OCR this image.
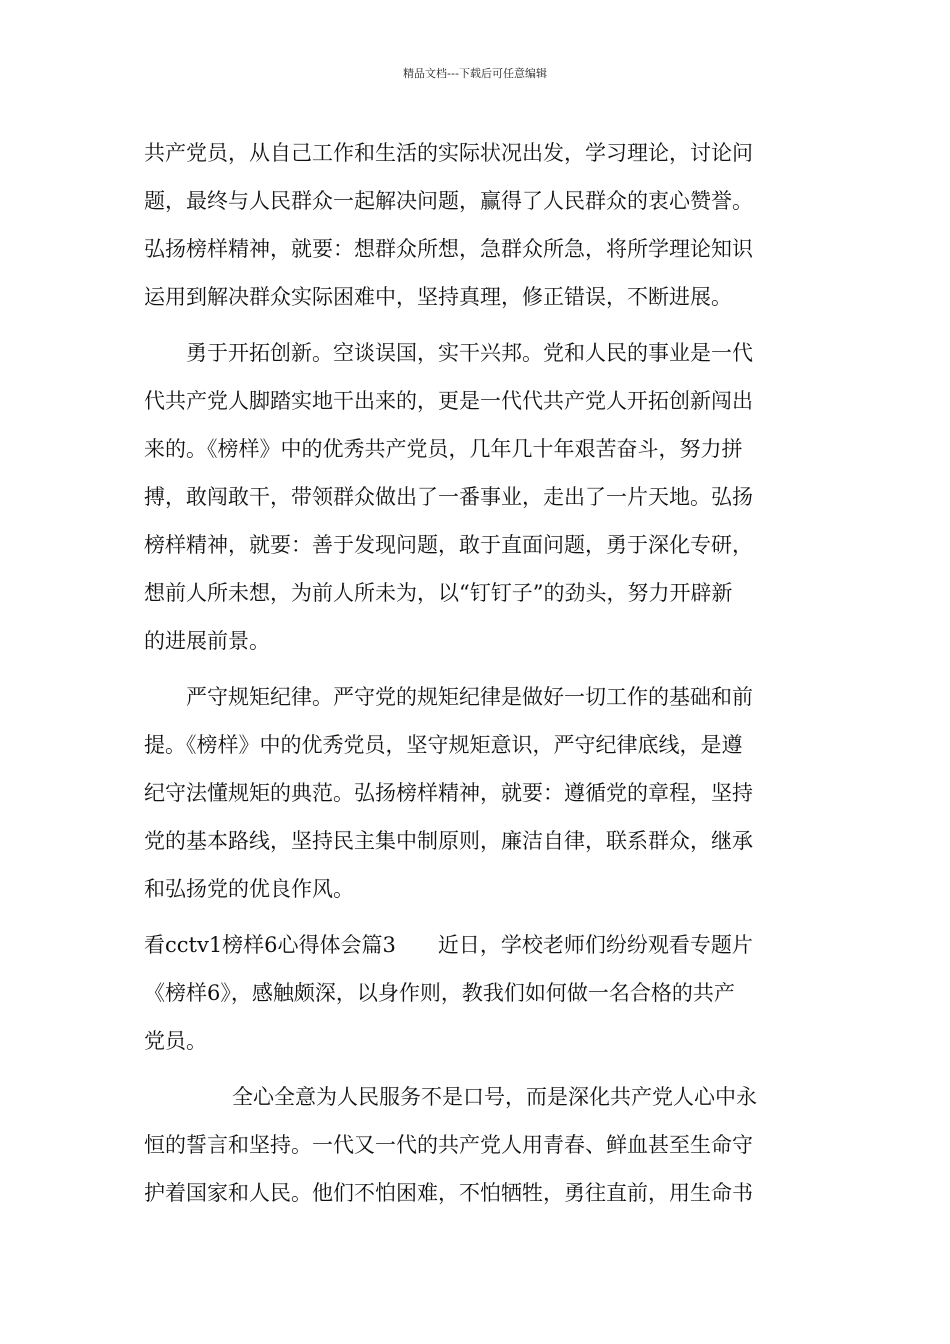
精品文档---下载后可任意编辑
共产党员，从自己工作和生活的实际状况出发，学习理论，讨论问
题，最终与人民群众一起解决问题，赢得了人民群众的衷心赞誉。
弘扬榜样精神，就要：想群众所想，急群众所急，将所学理论知识
运用到解决群众实际困难中，坚持真理，修正错误，不断进展。
勇于开拓创新。空谈误国，实干兴邦。党和人民的事业是一代
代共产党人脚踏实地干出来的，更是一代代共产党人开拓创新闯出
来的。《榜样》中的优秀共产党员，几年几十年艰苦奋斗，努力拼
搏，敢闯敢干，带领群众做出了一番事业，走出了一片天地。弘扬
榜样精神，就要：善于发现问题，敢于直面问题，勇于深化专研，
想前人所未想，为前人所未为，以“钉钉子”的劲头，努力开辟新
的进展前景。
严守规矩纪律。严守党的规矩纪律是做好一切工作的基础和前
提。《榜样》中的优秀党员，坚守规矩意识，严守纪律底线，是遵
纪守法懂规矩的典范。弘扬榜样精神，就要：遵循党的章程，坚持
党的基本路线，坚持民主集中制原则，廉洁自律，联系群众，继承
和弘扬党的优良作风。
看cctv1榜样6心得体会篇3　　近日，学校老师们纷纷观看专题片
《榜样6》，感触颇深，以身作则，教我们如何做一名合格的共产
党员。
全心全意为人民服务不是口号，而是深化共产党人心中永
恒的誓言和坚持。一代又一代的共产党人用青春、鲜血甚至生命守
护着国家和人民。他们不怕困难，不怕牺牲，勇往直前，用生命书
